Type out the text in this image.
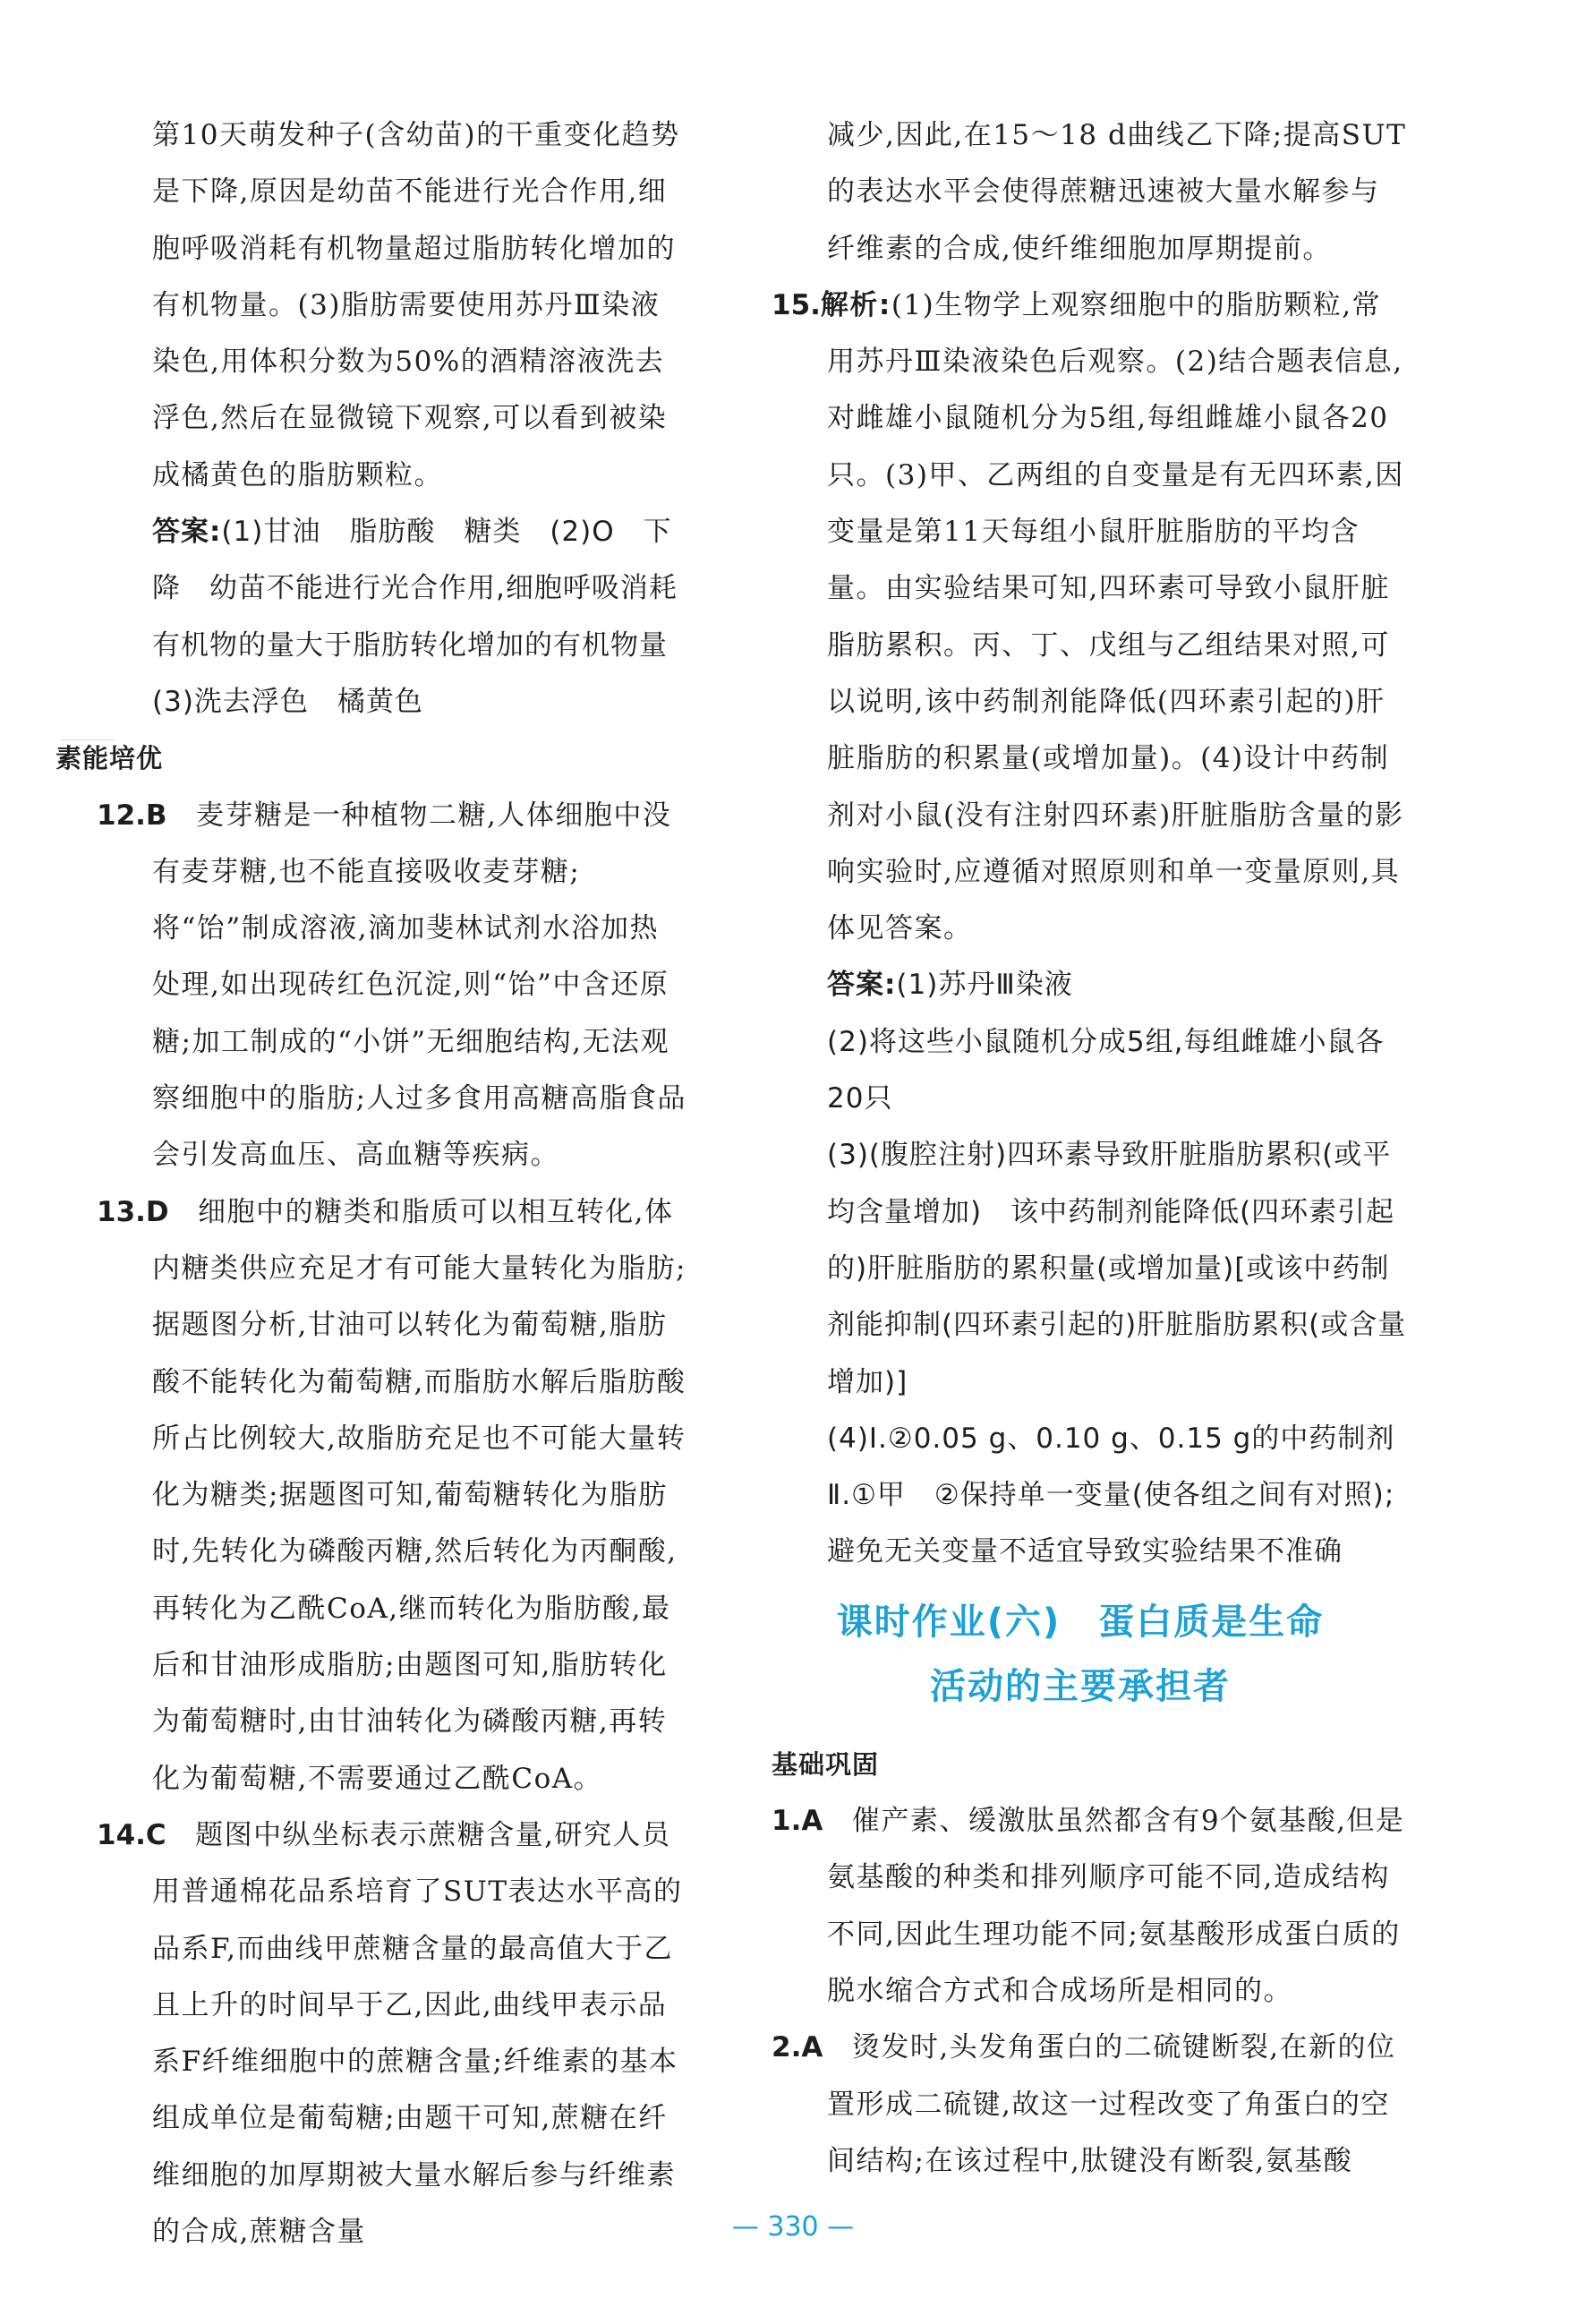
第10天萌发种子(含幼苗)的干重变化趋势是下降,原因是幼苗不能进行光合作用,细胞呼吸消耗有机物量超过脂肪转化增加的有机物量。(3)脂肪需要使用苏丹Ⅲ染液染色,用体积分数为50%的酒精溶液洗去浮色,然后在显微镜下观察,可以看到被染成橘黄色的脂肪颗粒。

答案:(1)甘油　脂肪酸　糖类　(2)O　下降　幼苗不能进行光合作用,细胞呼吸消耗有机物的量大于脂肪转化增加的有机物量　(3)洗去浮色　橘黄色

素能培优

12.B　麦芽糖是一种植物二糖,人体细胞中没有麦芽糖,也不能直接吸收麦芽糖;将“饴”制成溶液,滴加斐林试剂水浴加热处理,如出现砖红色沉淀,则“饴”中含还原糖;加工制成的“小饼”无细胞结构,无法观察细胞中的脂肪;人过多食用高糖高脂食品会引发高血压、高血糖等疾病。

13.D　细胞中的糖类和脂质可以相互转化,体内糖类供应充足才有可能大量转化为脂肪;据题图分析,甘油可以转化为葡萄糖,脂肪酸不能转化为葡萄糖,而脂肪水解后脂肪酸所占比例较大,故脂肪充足也不可能大量转化为糖类;据题图可知,葡萄糖转化为脂肪时,先转化为磷酸丙糖,然后转化为丙酮酸,再转化为乙酰CoA,继而转化为脂肪酸,最后和甘油形成脂肪;由题图可知,脂肪转化为葡萄糖时,由甘油转化为磷酸丙糖,再转化为葡萄糖,不需要通过乙酰CoA。

14.C　题图中纵坐标表示蔗糖含量,研究人员用普通棉花品系培育了SUT表达水平高的品系F,而曲线甲蔗糖含量的最高值大于乙且上升的时间早于乙,因此,曲线甲表示品系F纤维细胞中的蔗糖含量;纤维素的基本组成单位是葡萄糖;由题干可知,蔗糖在纤维细胞的加厚期被大量水解后参与纤维素的合成,蔗糖含量

减少,因此,在15～18 d曲线乙下降;提高SUT的表达水平会使得蔗糖迅速被大量水解参与纤维素的合成,使纤维细胞加厚期提前。

15.解析:(1)生物学上观察细胞中的脂肪颗粒,常用苏丹Ⅲ染液染色后观察。(2)结合题表信息,对雌雄小鼠随机分为5组,每组雌雄小鼠各20只。(3)甲、乙两组的自变量是有无四环素,因变量是第11天每组小鼠肝脏脂肪的平均含量。由实验结果可知,四环素可导致小鼠肝脏脂肪累积。丙、丁、戊组与乙组结果对照,可以说明,该中药制剂能降低(四环素引起的)肝脏脂肪的积累量(或增加量)。(4)设计中药制剂对小鼠(没有注射四环素)肝脏脂肪含量的影响实验时,应遵循对照原则和单一变量原则,具体见答案。

答案:(1)苏丹Ⅲ染液

(2)将这些小鼠随机分成5组,每组雌雄小鼠各20只

(3)(腹腔注射)四环素导致肝脏脂肪累积(或平均含量增加)　该中药制剂能降低(四环素引起的)肝脏脂肪的累积量(或增加量)[或该中药制剂能抑制(四环素引起的)肝脏脂肪累积(或含量增加)]

(4)Ⅰ.②0.05 g、0.10 g、0.15 g的中药制剂

Ⅱ.①甲　②保持单一变量(使各组之间有对照);避免无关变量不适宜导致实验结果不准确

课时作业(六)　蛋白质是生命
活动的主要承担者

基础巩固

1.A　催产素、缓激肽虽然都含有9个氨基酸,但是氨基酸的种类和排列顺序可能不同,造成结构不同,因此生理功能不同;氨基酸形成蛋白质的脱水缩合方式和合成场所是相同的。

2.A　烫发时,头发角蛋白的二硫键断裂,在新的位置形成二硫键,故这一过程改变了角蛋白的空间结构;在该过程中,肽键没有断裂,氨基酸

— 330 —
